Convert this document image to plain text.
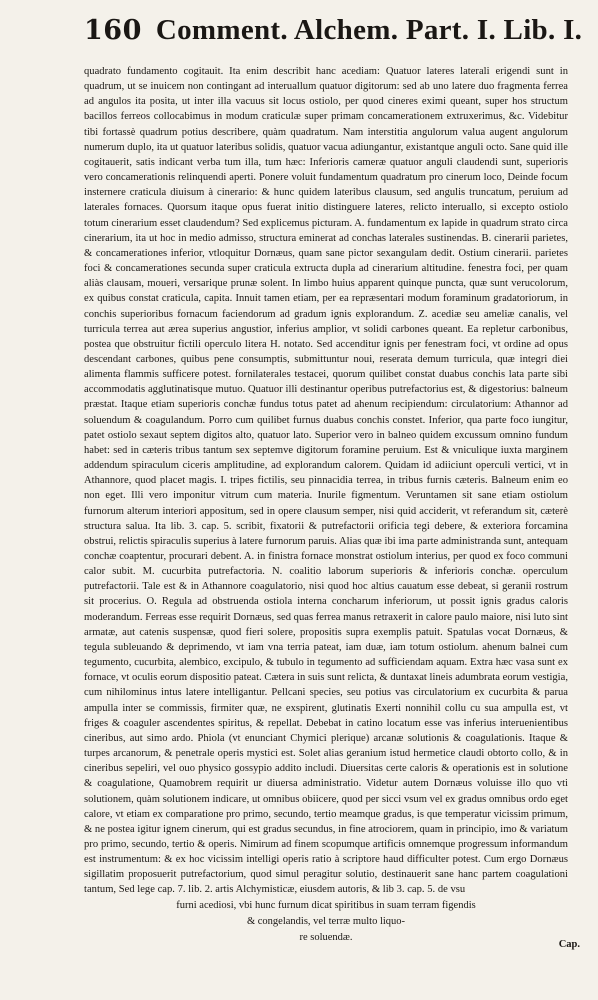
160 Comment. Alchem. Part. I. Lib. I.

quadrato fundamento cogitauit. Ita enim describit hanc acediam: Quatuor lateres laterali erigendi sunt in quadrum, ut se inuicem non contingant ad interuallum quatuor digitorum: sed ab uno latere duo fragmenta ferrea ad angulos ita posita, ut inter illa vacuus sit locus ostiolo, per quod cineres eximi queant, super hos structum bacillos ferreos collocabimus in modum craticulæ super primam concamerationem extruxerimus, &c. Videbitur tibi fortassè quadrum potius describere, quàm quadratum. Nam interstitia angulorum valua augent angulorum numerum duplo, ita ut quatuor lateribus solidis, quatuor vacua adiungantur, existantque anguli octo. Sane quid ille cogitauerit, satis indicant verba tum illa, tum hæc: Inferioris cameræ quatuor anguli claudendi sunt, superioris vero concamerationis relinquendi aperti. Ponere voluit fundamentum quadratum pro cinerum loco, Deinde focum insternere craticula diuisum à cinerario: & hunc quidem lateribus clausum, sed angulis truncatum, peruium ad laterales fornaces. Quorsum itaque opus fuerat initio distinguere lateres, relicto interuallo, si excepto ostiolo totum cinerarium esset claudendum? Sed explicemus picturam. A. fundamentum ex lapide in quadrum strato circa cinerarium, ita ut hoc in medio admisso, structura eminerat ad conchas laterales sustinendas. B. cinerarii parietes, & concamerationes inferior, vtloquitur Dornæus, quam sane pictor sexangulam dedit. Ostium cinerarii. parietes foci & concamerationes secunda super craticula extructa dupla ad cinerarium altitudine. fenestra foci, per quam aliàs clausam, moueri, versarique prunæ solent. In limbo huius apparent quinque puncta, quæ sunt verucolorum, ex quibus constat craticula, capita. Innuit tamen etiam, per ea repræsentari modum foraminum gradatoriorum, in conchis superioribus fornacum faciendorum ad gradum ignis explorandum. Z. acediæ seu ameliæ canalis, vel turricula terrea aut ærea superius angustior, inferius amplior, vt solidi carbones queant. Ea repletur carbonibus, postea que obstruitur fictili operculo litera H. notato. Sed accenditur ignis per fenestram foci, vt ordine ad opus descendant carbones, quibus pene consumptis, submittuntur noui, reserata demum turricula, quæ integri diei alimenta flammis sufficere potest. fornilaterales testacei, quorum quilibet constat duabus conchis lata parte sibi accommodatis agglutinatisque mutuo. Quatuor illi destinantur operibus putrefactorius est, & digestorius: balneum præstat. Itaque etiam superioris conchæ fundus totus patet ad ahenum recipiendum: circulatorium: Athannor ad soluendum & coagulandum. Porro cum quilibet furnus duabus conchis constet. Inferior, qua parte foco iungitur, patet ostiolo sexaut septem digitos alto, quatuor lato. Superior vero in balneo quidem excussum omnino fundum habet: sed in cæteris tribus tantum sex septemve digitorum foramine peruium. Est & vniculique iuxta marginem addendum spiraculum ciceris amplitudine, ad explorandum calorem. Quidam id adiiciunt operculi vertici, vt in Athannore, quod placet magis. I. tripes fictilis, seu pinnacidia terrea, in tribus furnis cæteris. Balneum enim eo non eget. Illi vero imponitur vitrum cum materia. Inurile figmentum. Veruntamen sit sane etiam ostiolum furnorum alterum interiori appositum, sed in opere clausum semper, nisi quid acciderit, vt referandum sit, cæterè structura salua. Ita lib. 3. cap. 5. scribit, fixatorii & putrefactorii orificia tegi debere, & exteriora forcamina obstrui, relictis spiraculis superius à latere furnorum paruis. Alias quæ ibi ima parte administranda sunt, antequam conchæ coaptentur, procurari debent. A. in finistra fornace monstrat ostiolum interius, per quod ex foco communi calor subit. M. cucurbita putrefactoria. N. coalitio laborum superioris & inferioris conchæ. operculum putrefactorii. Tale est & in Athannore coagulatorio, nisi quod hoc altius cauatum esse debeat, si geranii rostrum sit procerius. O. Regula ad obstruenda ostiola interna concharum inferiorum, ut possit ignis gradus caloris moderandum. Ferreas esse requirit Dornæus, sed quas ferrea manus retraxerit in calore paulo maiore, nisi luto sint armatæ, aut catenis suspensæ, quod fieri solere, propositis supra exemplis patuit. Spatulas vocat Dornæus, & tegula subleuando & deprimendo, vt iam vna terria pateat, iam duæ, iam totum ostiolum. ahenum balnei cum tegumento, cucurbita, alembico, excipulo, & tubulo in tegumento ad sufficiendam aquam. Extra hæc vasa sunt ex fornace, vt oculis eorum dispositio pateat. Cætera in suis sunt relicta, & duntaxat lineis adumbrata eorum vestigia, cum nihilominus intus latere intelligantur. Pellcani species, seu potius vas circulatorium ex cucurbita & parua ampulla inter se commissis, firmiter quæ, ne exspirent, glutinatis Exerti nonnihil collu cu sua ampulla est, vt friges & coaguler ascendentes spiritus, & repellat. Debebat in catino locatum esse vas inferius interuenientibus cineribus, aut simo ardo. Phiola (vt enunciant Chymici plerique) arcanæ solutionis & coagulationis. Itaque & turpes arcanorum, & penetrale operis mystici est. Solet alias geranium istud hermetice claudi obtorto collo, & in cineribus sepeliri, vel ouo physico gossypio addito includi. Diuersitas certe caloris & operationis est in solutione & coagulatione, Quamobrem requirit ur diuersa administratio. Videtur autem Dornæus voluisse illo quo vti solutionem, quàm solutionem indicare, ut omnibus obiicere, quod per sicci vsum vel ex gradus omnibus ordo eget calore, vt etiam ex comparatione pro primo, secundo, tertio meamque gradus, is que temperatur vicissim primum, & ne postea igitur ignem cinerum, qui est gradus secundus, in fine atrociorem, quam in principio, imo & variatum pro primo, secundo, tertio & operis. Nimirum ad finem scopumque artificis omnemque progressum informandum est instrumentum: & ex hoc vicissim intelligi operis ratio à scriptore haud difficulter potest. Cum ergo Dornæus sigillatim proposuerit putrefactorium, quod simul peragitur solutio, destinauerit sane hanc partem coagulationi tantum, Sed lege cap. 7. lib. 2. artis Alchymisticæ, eiusdem autoris, & lib 3. cap. 5. de vsu

furni acediosi, vbi hunc furnum dicat spiritibus in suam terram figendis
& congelandis, vel terræ multo liquo-
re soluendæ.
Cap.
